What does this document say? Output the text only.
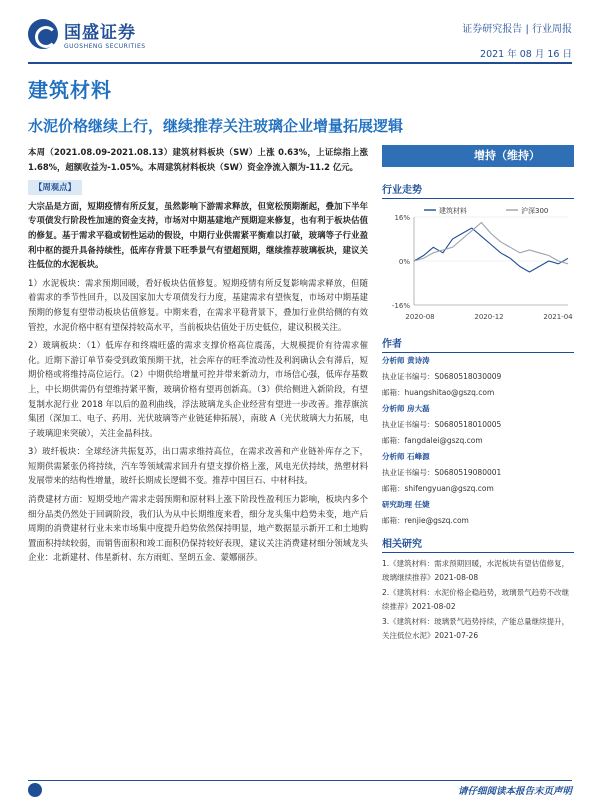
国盛证券
GUOSHENG SECURITIES
证券研究报告 | 行业周报
2021 年 08 月 16 日
建筑材料
水泥价格继续上行，继续推荐关注玻璃企业增量拓展逻辑

本周（2021.08.09-2021.08.13）建筑材料板块（SW）上涨 0.63%，上证综指上涨 1.68%，超额收益为-1.05%。本周建筑材料板块（SW）资金净流入额为-11.2 亿元。

【周观点】

大宗品是方面，短期疫情有所反复，虽然影响下游需求释放，但宽松预期渐起，叠加下半年专项债发行阶段性加速的资金支持，市场对中期基建地产预期迎来修复，也有利于板块估值的修复。基于需求平稳或韧性运动的假设，中期行业供需紧平衡难以打破，玻璃等子行业盈利中枢的提升具备持续性，低库存背景下旺季景气有望超预期，继续推荐玻璃板块，建议关注低位的水泥板块。

1）水泥板块：需求预期回暖，看好板块估值修复。短期疫情有所反复影响需求释放，但随着需求的季节性回升，以及国家加大专项债发行力度，基建需求有望恢复，市场对中期基建预期的修复有望带动板块估值修复。中期来看，在需求平稳背景下，叠加行业供给侧的有效管控，水泥价格中枢有望保持较高水平，当前板块估值处于历史低位，建议积极关注。

2）玻璃板块：（1）低库存和终端旺盛的需求支撑价格高位震荡，大规模提价有待需求催化。近期下游订单节奏受到政策预期干扰，社会库存的旺季流动性及利润确认会有滞后，短期价格或将维持高位运行。（2）中期供给增量可控并带来新动力，市场信心强，低库存基数上，中长期供需仍有望维持紧平衡，玻璃价格有望再创新高。（3）供给侧进入新阶段，有望复制水泥行业 2018 年以后的盈利曲线，浮法玻璃龙头企业经营有望进一步改善。推荐旗滨集团（深加工、电子、药用、光伏玻璃等产业链延伸拓展），南玻 A（光伏玻璃大力拓展，电子玻璃迎来突破），关注金晶科技。

3）玻纤板块：全球经济共振复苏，出口需求维持高位，在需求改善和产业链补库存之下，短期供需紧张仍将持续，汽车等领域需求回升有望支撑价格上涨，风电光伏持续，热塑材料发展带来的结构性增量，玻纤长期成长逻辑不变。推荐中国巨石、中材科技。

消费建材方面：短期受地产需求走弱预期和原材料上涨下阶段性盈利压力影响，板块内多个细分品类仍然处于回调阶段，我们认为从中长期维度来看，细分龙头集中趋势未变，地产后周期的消费建材行业未来市场集中度提升趋势依然保持明显，地产数据显示新开工和土地购置面积持续较弱，而销售面积和竣工面积仍保持较好表现，建议关注消费建材细分领域龙头企业：北新建材、伟星新材、东方雨虹、坚朗五金、蒙娜丽莎。

增持（维持）
行业走势
16%
0%
-16%
2020-08	2020-12	2021-04
建筑材料	沪深300
作者
分析师 黄诗涛
执业证书编号：S0680518030009
邮箱：huangshitao@gszq.com
分析师 房大磊
执业证书编号：S0680518010005
邮箱：fangdalei@gszq.com
分析师 石峰源
执业证书编号：S0680519080001
邮箱：shifengyuan@gszq.com
研究助理 任婕
邮箱：renjie@gszq.com
相关研究

1.《建筑材料：需求预期回暖，水泥板块有望估值修复，玻璃继续推荐》2021-08-08

2.《建筑材料：水泥价格企稳趋势，玻璃景气趋势不改继续推荐》2021-08-02

3.《建筑材料：玻璃景气趋势持续，产能总量继续提升，关注低位水泥》2021-07-26

请仔细阅读本报告末页声明
